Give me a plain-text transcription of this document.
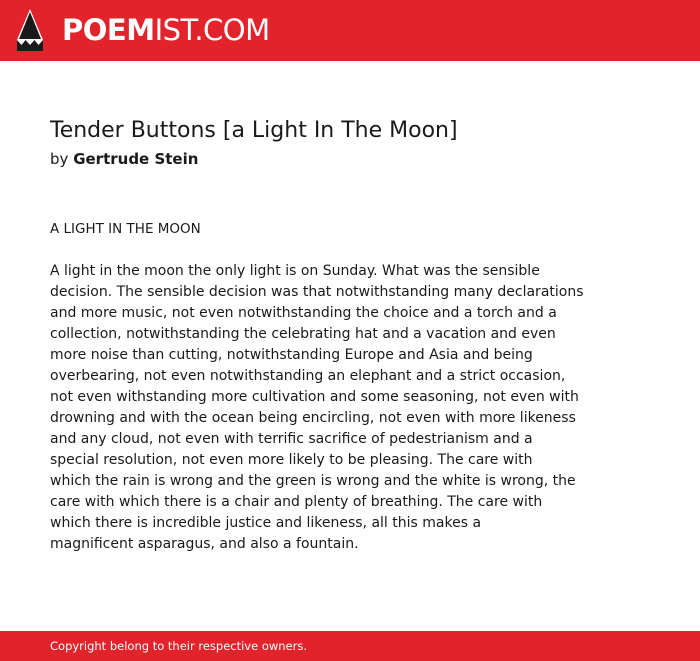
POEMIST.COM
Tender Buttons [a Light In The Moon]
by Gertrude Stein
A LIGHT IN THE MOON
A light in the moon the only light is on Sunday. What was the sensible
decision. The sensible decision was that notwithstanding many declarations
and more music, not even notwithstanding the choice and a torch and a
collection, notwithstanding the celebrating hat and a vacation and even
more noise than cutting, notwithstanding Europe and Asia and being
overbearing, not even notwithstanding an elephant and a strict occasion,
not even withstanding more cultivation and some seasoning, not even with
drowning and with the ocean being encircling, not even with more likeness
and any cloud, not even with terrific sacrifice of pedestrianism and a
special resolution, not even more likely to be pleasing. The care with
which the rain is wrong and the green is wrong and the white is wrong, the
care with which there is a chair and plenty of breathing. The care with
which there is incredible justice and likeness, all this makes a
magnificent asparagus, and also a fountain.
Copyright belong to their respective owners.
